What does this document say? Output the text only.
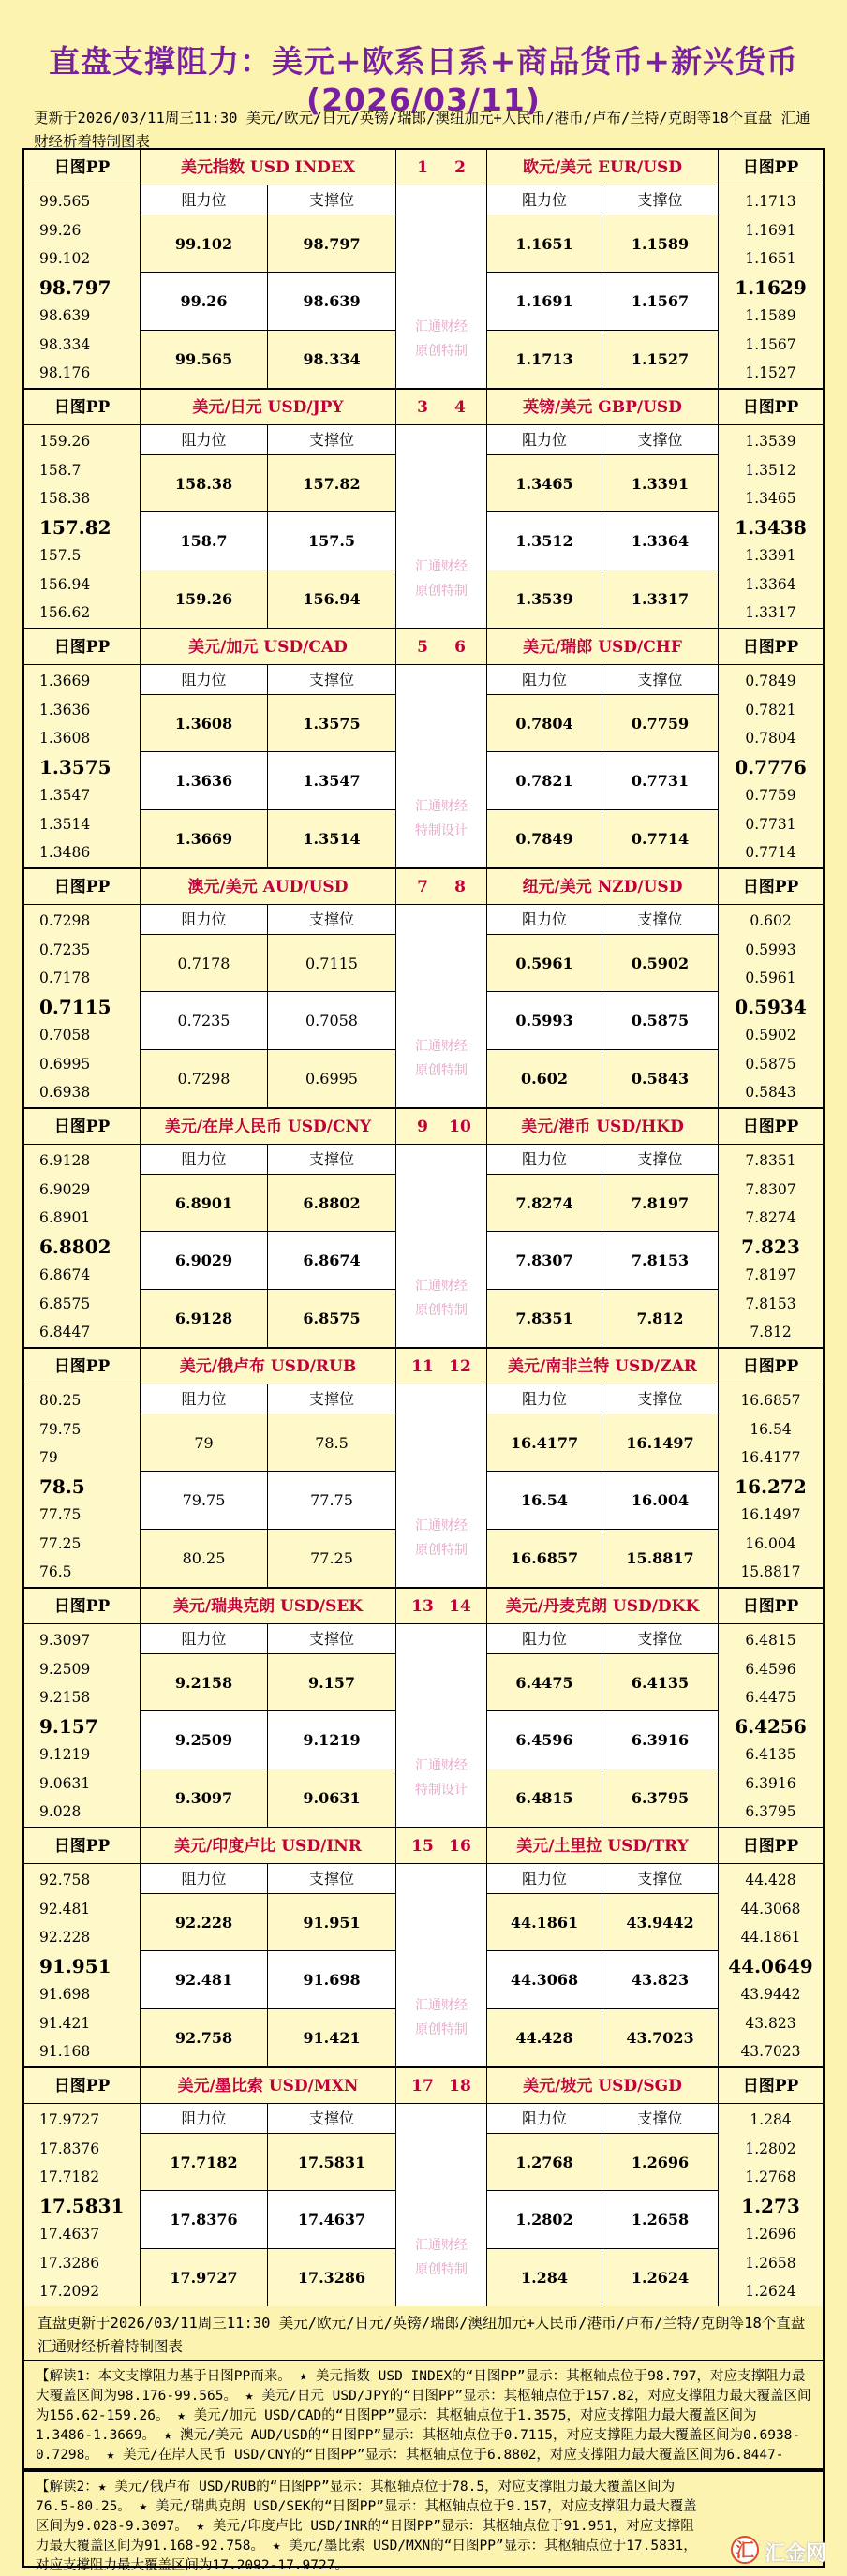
直盘支撑阻力：美元+欧系日系+商品货币+新兴货币(2026/03/11)
更新于2026/03/11周三11:30 美元/欧元/日元/英镑/瑞郎/澳纽加元+人民币/港币/卢布/兰特/克朗等18个直盘 汇通财经析着特制图表
日图PP
99.565
99.26
99.102
98.797
98.639
98.334
98.176
美元指数 USD INDEX
阻力位	支撑位
99.102	98.797
99.26	98.639
99.565	98.334
日图PP
1.1713
1.1691
1.1651
1.1629
1.1589
1.1567
1.1527
欧元/美元 EUR/USD
阻力位	支撑位
1.1651	1.1589
1.1691	1.1567
1.1713	1.1527
1 2
汇通财经
原创特制
日图PP
159.26
158.7
158.38
157.82
157.5
156.94
156.62
美元/日元 USD/JPY
阻力位	支撑位
158.38	157.82
158.7	157.5
159.26	156.94
日图PP
1.3539
1.3512
1.3465
1.3438
1.3391
1.3364
1.3317
英镑/美元 GBP/USD
阻力位	支撑位
1.3465	1.3391
1.3512	1.3364
1.3539	1.3317
3 4
汇通财经
原创特制
日图PP
1.3669
1.3636
1.3608
1.3575
1.3547
1.3514
1.3486
美元/加元 USD/CAD
阻力位	支撑位
1.3608	1.3575
1.3636	1.3547
1.3669	1.3514
日图PP
0.7849
0.7821
0.7804
0.7776
0.7759
0.7731
0.7714
美元/瑞郎 USD/CHF
阻力位	支撑位
0.7804	0.7759
0.7821	0.7731
0.7849	0.7714
5 6
汇通财经
特制设计
日图PP
0.7298
0.7235
0.7178
0.7115
0.7058
0.6995
0.6938
澳元/美元 AUD/USD
阻力位	支撑位
0.7178	0.7115
0.7235	0.7058
0.7298	0.6995
日图PP
0.602
0.5993
0.5961
0.5934
0.5902
0.5875
0.5843
纽元/美元 NZD/USD
阻力位	支撑位
0.5961	0.5902
0.5993	0.5875
0.602	0.5843
7 8
汇通财经
原创特制
日图PP
6.9128
6.9029
6.8901
6.8802
6.8674
6.8575
6.8447
美元/在岸人民币 USD/CNY
阻力位	支撑位
6.8901	6.8802
6.9029	6.8674
6.9128	6.8575
日图PP
7.8351
7.8307
7.8274
7.823
7.8197
7.8153
7.812
美元/港币 USD/HKD
阻力位	支撑位
7.8274	7.8197
7.8307	7.8153
7.8351	7.812
9 10
汇通财经
原创特制
日图PP
80.25
79.75
79
78.5
77.75
77.25
76.5
美元/俄卢布 USD/RUB
阻力位	支撑位
79	78.5
79.75	77.75
80.25	77.25
日图PP
16.6857
16.54
16.4177
16.272
16.1497
16.004
15.8817
美元/南非兰特 USD/ZAR
阻力位	支撑位
16.4177	16.1497
16.54	16.004
16.6857	15.8817
11 12
汇通财经
原创特制
日图PP
9.3097
9.2509
9.2158
9.157
9.1219
9.0631
9.028
美元/瑞典克朗 USD/SEK
阻力位	支撑位
9.2158	9.157
9.2509	9.1219
9.3097	9.0631
日图PP
6.4815
6.4596
6.4475
6.4256
6.4135
6.3916
6.3795
美元/丹麦克朗 USD/DKK
阻力位	支撑位
6.4475	6.4135
6.4596	6.3916
6.4815	6.3795
13 14
汇通财经
特制设计
日图PP
92.758
92.481
92.228
91.951
91.698
91.421
91.168
美元/印度卢比 USD/INR
阻力位	支撑位
92.228	91.951
92.481	91.698
92.758	91.421
日图PP
44.428
44.3068
44.1861
44.0649
43.9442
43.823
43.7023
美元/土里拉 USD/TRY
阻力位	支撑位
44.1861	43.9442
44.3068	43.823
44.428	43.7023
15 16
汇通财经
原创特制
日图PP
17.9727
17.8376
17.7182
17.5831
17.4637
17.3286
17.2092
美元/墨比索 USD/MXN
阻力位	支撑位
17.7182	17.5831
17.8376	17.4637
17.9727	17.3286
日图PP
1.284
1.2802
1.2768
1.273
1.2696
1.2658
1.2624
美元/坡元 USD/SGD
阻力位	支撑位
1.2768	1.2696
1.2802	1.2658
1.284	1.2624
17 18
汇通财经
原创特制
直盘更新于2026/03/11周三11:30 美元/欧元/日元/英镑/瑞郎/澳纽加元+人民币/港币/卢布/兰特/克朗等18个直盘 汇通财经析着特制图表
【解读1：本文支撑阻力基于日图PP而来。 ★ 美元指数 USD INDEX的“日图PP”显示：其枢轴点位于98.797，对应支撑阻力最大覆盖区间为98.176-99.565。 ★ 美元/日元 USD/JPY的“日图PP”显示：其枢轴点位于157.82，对应支撑阻力最大覆盖区间为156.62-159.26。 ★ 美元/加元 USD/CAD的“日图PP”显示：其枢轴点位于1.3575，对应支撑阻力最大覆盖区间为1.3486-1.3669。 ★ 澳元/美元 AUD/USD的“日图PP”显示：其枢轴点位于0.7115，对应支撑阻力最大覆盖区间为0.6938-0.7298。 ★ 美元/在岸人民币 USD/CNY的“日图PP”显示：其枢轴点位于6.8802，对应支撑阻力最大覆盖区间为6.8447-
【解读2：★ 美元/俄卢布 USD/RUB的“日图PP”显示：其枢轴点位于78.5，对应支撑阻力最大覆盖区间为76.5-80.25。 ★ 美元/瑞典克朗 USD/SEK的“日图PP”显示：其枢轴点位于9.157，对应支撑阻力最大覆盖区间为9.028-9.3097。 ★ 美元/印度卢比 USD/INR的“日图PP”显示：其枢轴点位于91.951，对应支撑阻力最大覆盖区间为91.168-92.758。 ★ 美元/墨比索 USD/MXN的“日图PP”显示：其枢轴点位于17.5831，对应支撑阻力最大覆盖区间为17.2092-17.9727。
汇 汇金网
